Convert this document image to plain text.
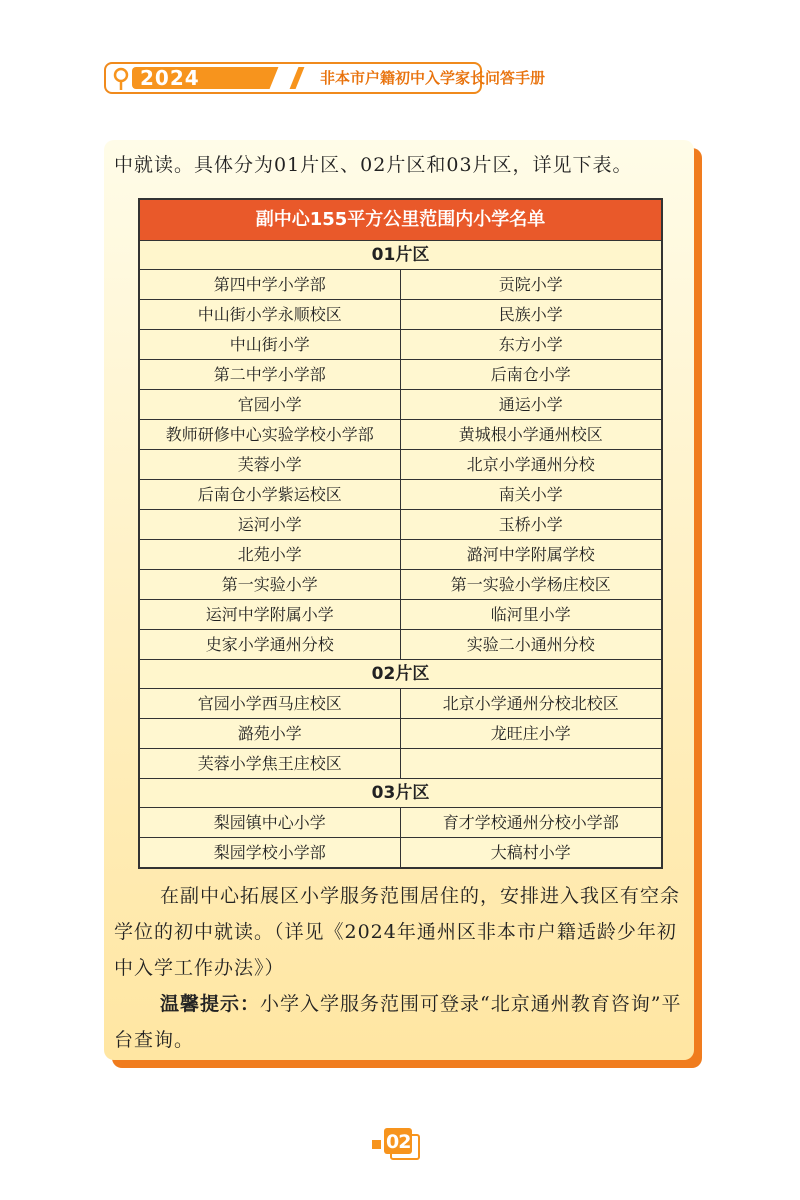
2024	非本市户籍初中入学家长问答手册
中就读。具体分为01片区、02片区和03片区，详见下表。
副中心155平方公里范围内小学名单
01片区
第四中学小学部	贡院小学
中山街小学永顺校区	民族小学
中山街小学	东方小学
第二中学小学部	后南仓小学
官园小学	通运小学
教师研修中心实验学校小学部	黄城根小学通州校区
芙蓉小学	北京小学通州分校
后南仓小学紫运校区	南关小学
运河小学	玉桥小学
北苑小学	潞河中学附属学校
第一实验小学	第一实验小学杨庄校区
运河中学附属小学	临河里小学
史家小学通州分校	实验二小通州分校
02片区
官园小学西马庄校区	北京小学通州分校北校区
潞苑小学	龙旺庄小学
芙蓉小学焦王庄校区
03片区
梨园镇中心小学	育才学校通州分校小学部
梨园学校小学部	大稿村小学
在副中心拓展区小学服务范围居住的，安排进入我区有空余学位的初中就读。（详见《2024年通州区非本市户籍适龄少年初中入学工作办法》）
温馨提示：小学入学服务范围可登录“北京通州教育咨询”平台查询。
02
